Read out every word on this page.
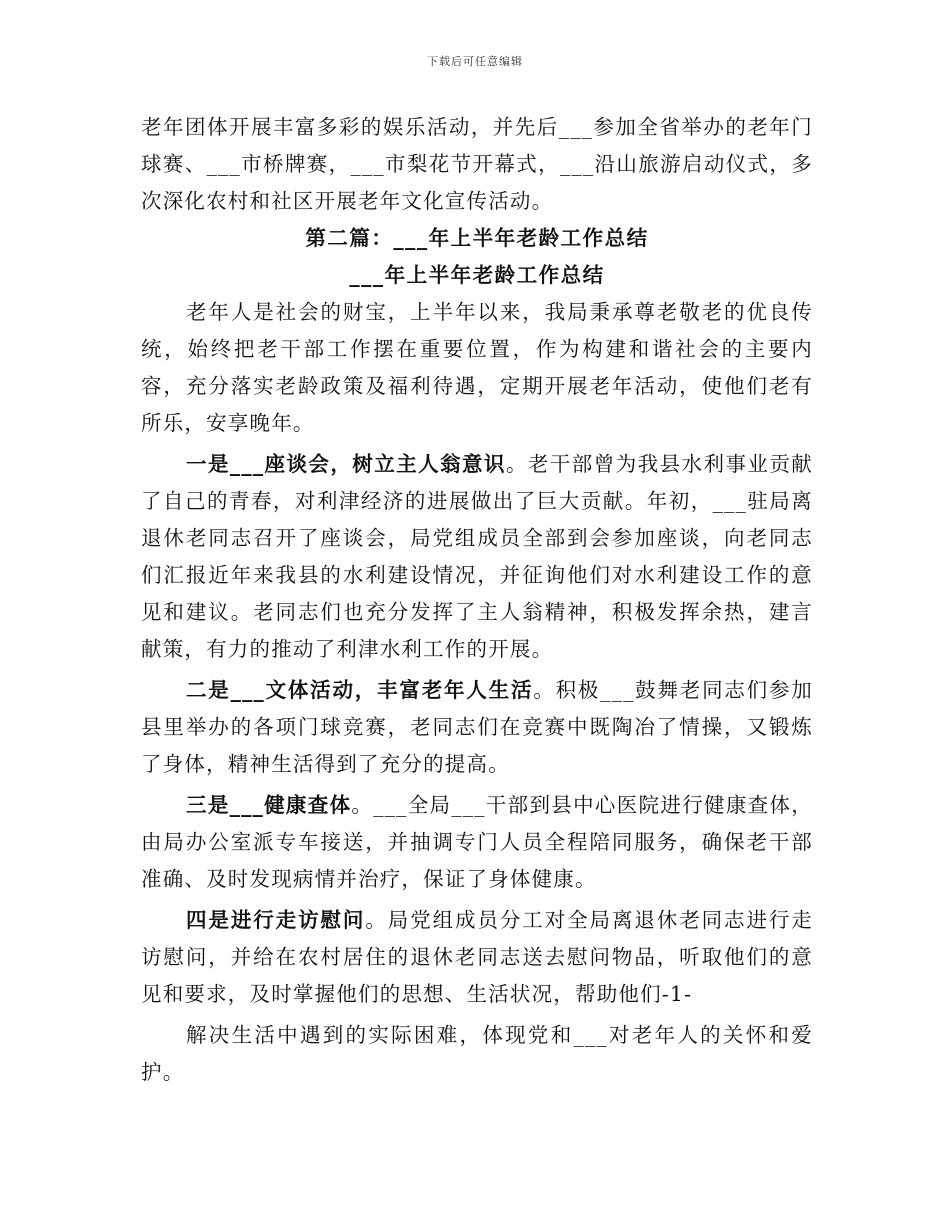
下载后可任意编辑

老年团体开展丰富多彩的娱乐活动，并先后___参加全省举办的老年门球赛、___市桥牌赛，___市梨花节开幕式，___沿山旅游启动仪式，多次深化农村和社区开展老年文化宣传活动。

第二篇：___年上半年老龄工作总结

___年上半年老龄工作总结

老年人是社会的财宝，上半年以来，我局秉承尊老敬老的优良传统，始终把老干部工作摆在重要位置，作为构建和谐社会的主要内容，充分落实老龄政策及福利待遇，定期开展老年活动，使他们老有所乐，安享晚年。

一是___座谈会，树立主人翁意识。老干部曾为我县水利事业贡献了自己的青春，对利津经济的进展做出了巨大贡献。年初，___驻局离退休老同志召开了座谈会，局党组成员全部到会参加座谈，向老同志们汇报近年来我县的水利建设情况，并征询他们对水利建设工作的意见和建议。老同志们也充分发挥了主人翁精神，积极发挥余热，建言献策，有力的推动了利津水利工作的开展。

二是___文体活动，丰富老年人生活。积极___鼓舞老同志们参加县里举办的各项门球竞赛，老同志们在竞赛中既陶冶了情操，又锻炼了身体，精神生活得到了充分的提高。

三是___健康查体。___全局___干部到县中心医院进行健康查体，由局办公室派专车接送，并抽调专门人员全程陪同服务，确保老干部准确、及时发现病情并治疗，保证了身体健康。

四是进行走访慰问。局党组成员分工对全局离退休老同志进行走访慰问，并给在农村居住的退休老同志送去慰问物品，听取他们的意见和要求，及时掌握他们的思想、生活状况，帮助他们-1-

解决生活中遇到的实际困难，体现党和___对老年人的关怀和爱护。
